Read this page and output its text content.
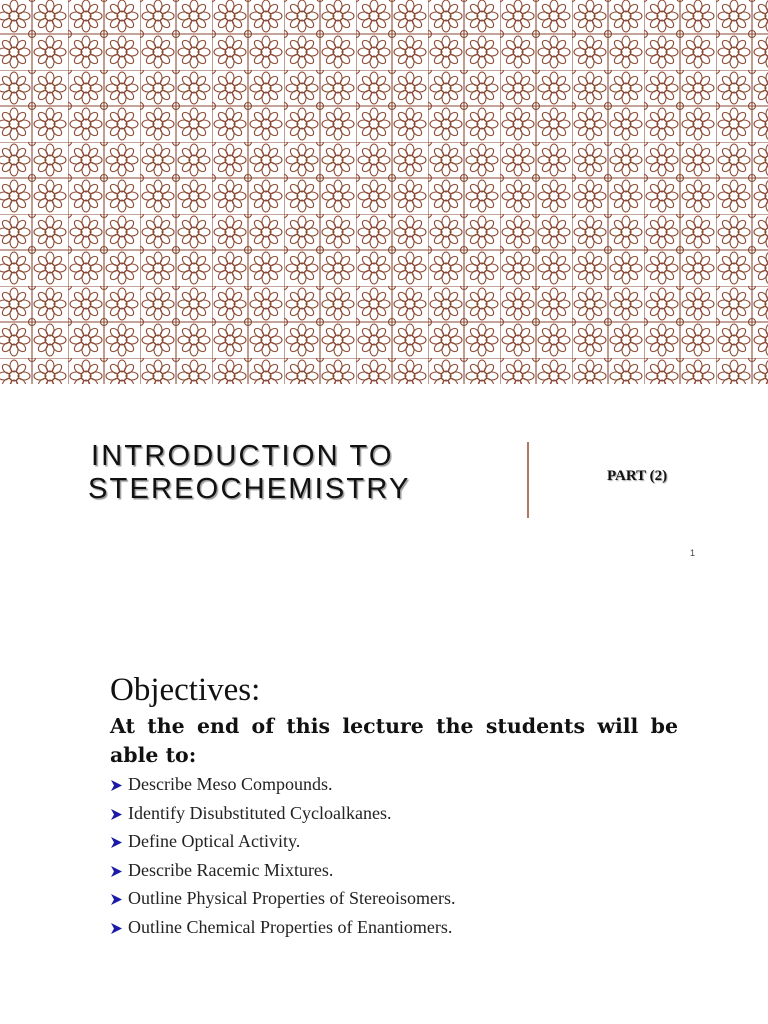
INTRODUCTION TO
STEREOCHEMISTRY	PART (2)
1
Objectives:

At the end of this lecture the students will be able to:

Describe Meso Compounds.
Identify Disubstituted Cycloalkanes.
Define Optical Activity.
Describe Racemic Mixtures.
Outline Physical Properties of Stereoisomers.
Outline Chemical Properties of Enantiomers.
